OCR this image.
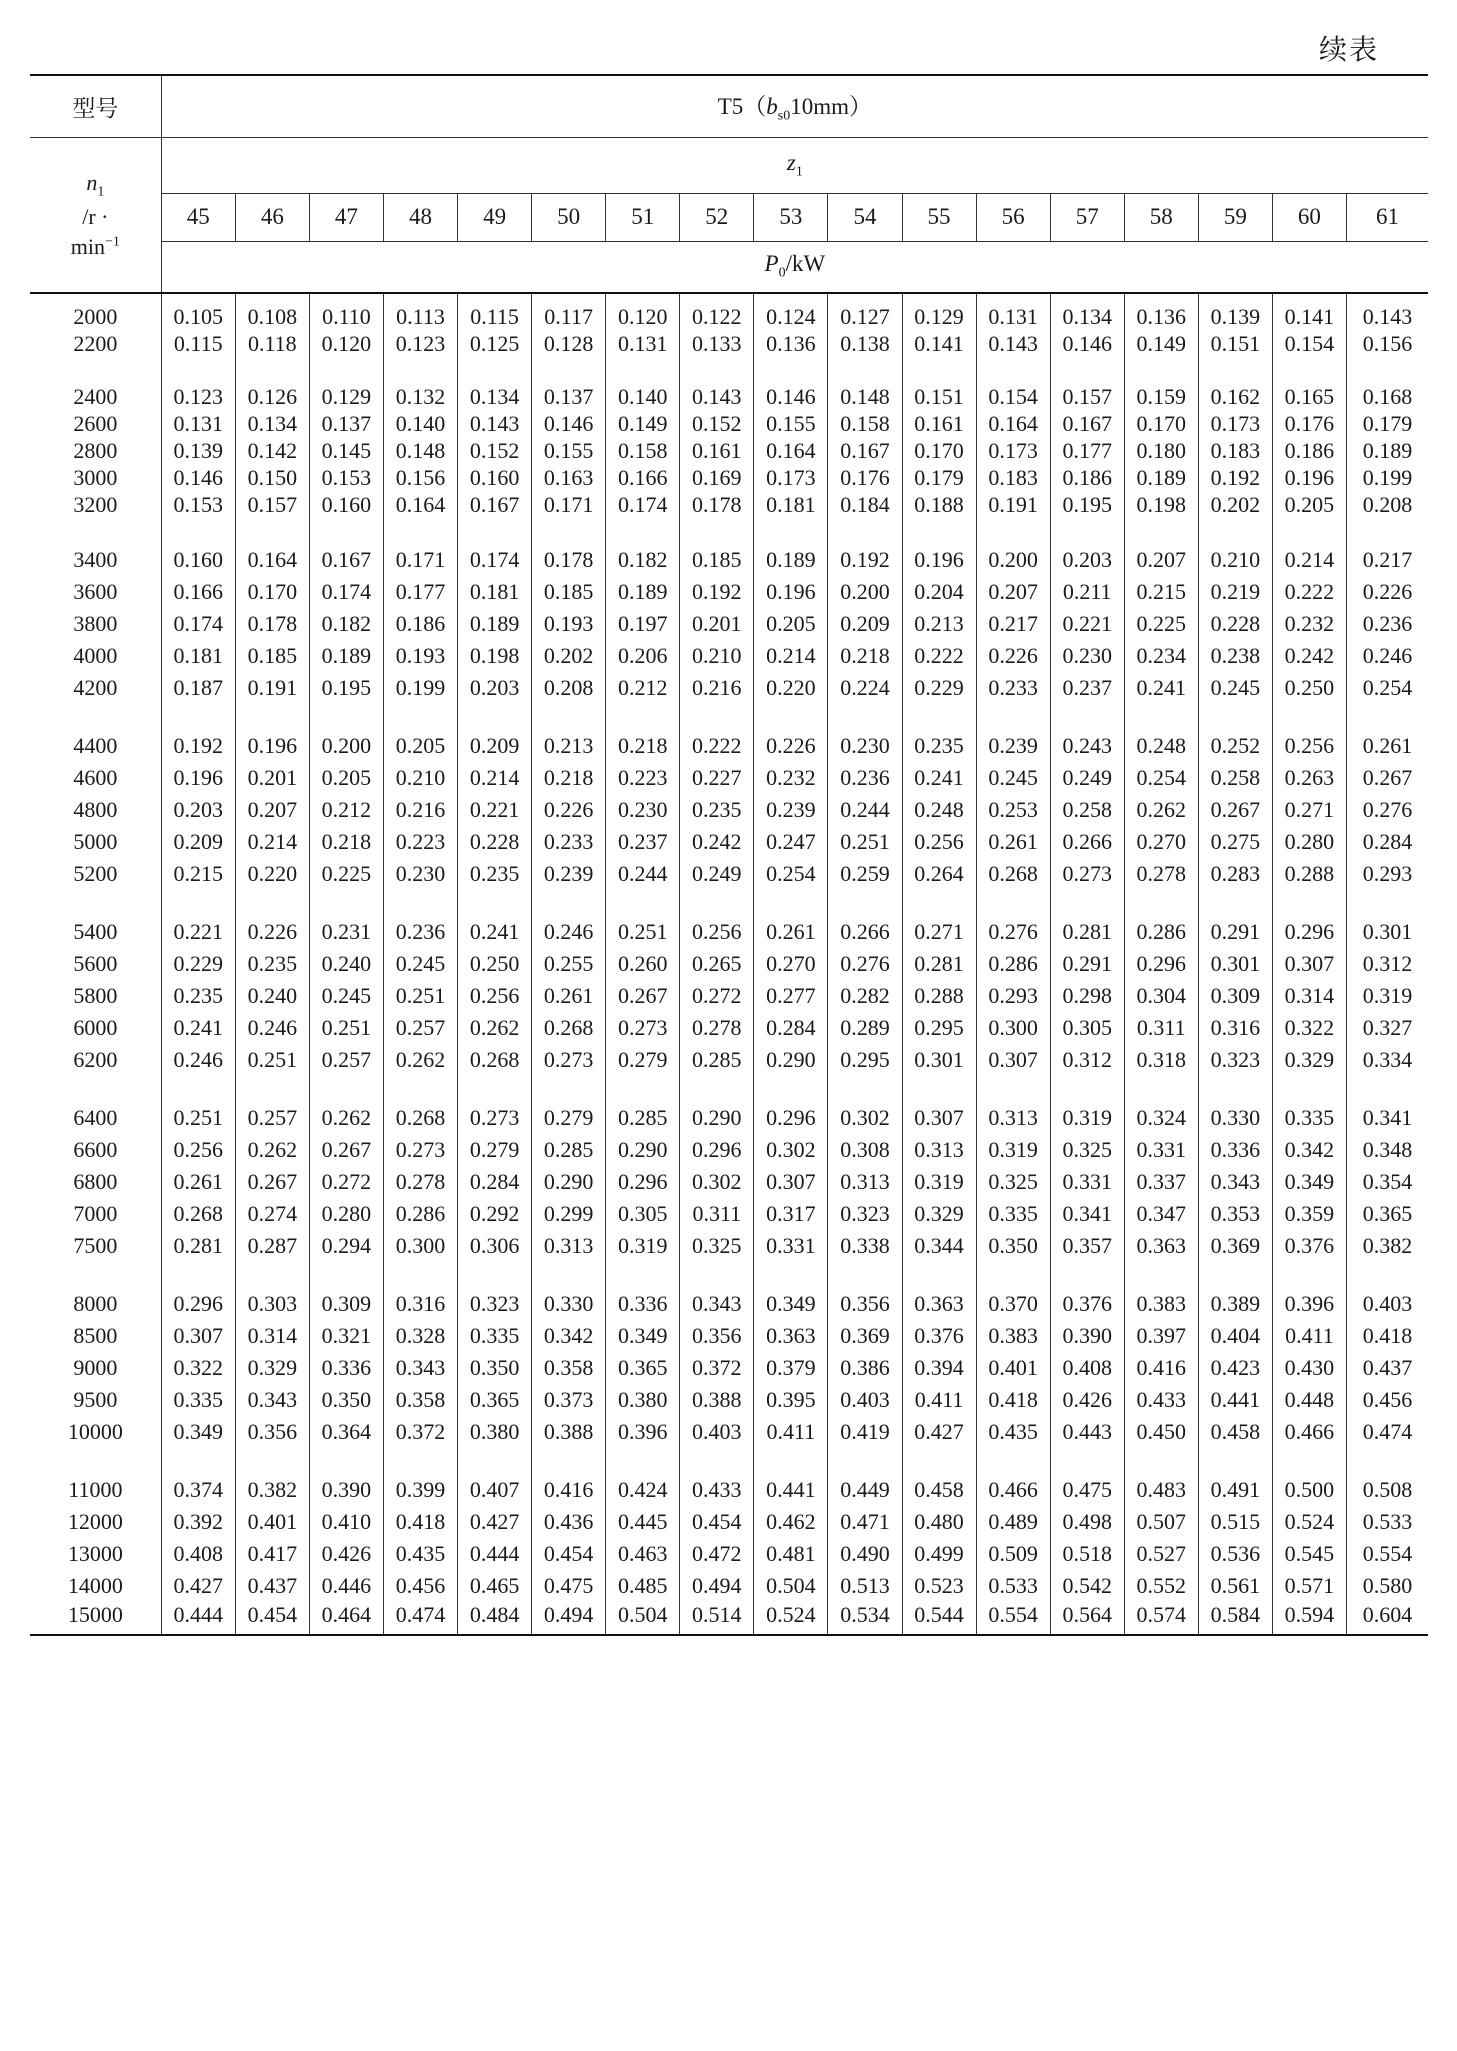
续表
型号	$T5(b_{s0}10mm)$																

$n_1$
/r ·
$\min^{-1}$	$z_1$
	45	46	47	48	49	50	51	52	53	54	55	56	57	58	59	60	61
	$P_0/kW$																
2000	0.105	0.108	0.110	0.113	0.115	0.117	0.120	0.122	0.124	0.127	0.129	0.131	0.134	0.136	0.139	0.141	0.143
2200	0.115	0.118	0.120	0.123	0.125	0.128	0.131	0.133	0.136	0.138	0.141	0.143	0.146	0.149	0.151	0.154	0.156

2400	0.123	0.126	0.129	0.132	0.134	0.137	0.140	0.143	0.146	0.148	0.151	0.154	0.157	0.159	0.162	0.165	0.168
2600	0.131	0.134	0.137	0.140	0.143	0.146	0.149	0.152	0.155	0.158	0.161	0.164	0.167	0.170	0.173	0.176	0.179
2800	0.139	0.142	0.145	0.148	0.152	0.155	0.158	0.161	0.164	0.167	0.170	0.173	0.177	0.180	0.183	0.186	0.189
3000	0.146	0.150	0.153	0.156	0.160	0.163	0.166	0.169	0.173	0.176	0.179	0.183	0.186	0.189	0.192	0.196	0.199
3200	0.153	0.157	0.160	0.164	0.167	0.171	0.174	0.178	0.181	0.184	0.188	0.191	0.195	0.198	0.202	0.205	0.208

3400	0.160	0.164	0.167	0.171	0.174	0.178	0.182	0.185	0.189	0.192	0.196	0.200	0.203	0.207	0.210	0.214	0.217
3600	0.166	0.170	0.174	0.177	0.181	0.185	0.189	0.192	0.196	0.200	0.204	0.207	0.211	0.215	0.219	0.222	0.226
3800	0.174	0.178	0.182	0.186	0.189	0.193	0.197	0.201	0.205	0.209	0.213	0.217	0.221	0.225	0.228	0.232	0.236
4000	0.181	0.185	0.189	0.193	0.198	0.202	0.206	0.210	0.214	0.218	0.222	0.226	0.230	0.234	0.238	0.242	0.246
4200	0.187	0.191	0.195	0.199	0.203	0.208	0.212	0.216	0.220	0.224	0.229	0.233	0.237	0.241	0.245	0.250	0.254

4400	0.192	0.196	0.200	0.205	0.209	0.213	0.218	0.222	0.226	0.230	0.235	0.239	0.243	0.248	0.252	0.256	0.261
4600	0.196	0.201	0.205	0.210	0.214	0.218	0.223	0.227	0.232	0.236	0.241	0.245	0.249	0.254	0.258	0.263	0.267
4800	0.203	0.207	0.212	0.216	0.221	0.226	0.230	0.235	0.239	0.244	0.248	0.253	0.258	0.262	0.267	0.271	0.276
5000	0.209	0.214	0.218	0.223	0.228	0.233	0.237	0.242	0.247	0.251	0.256	0.261	0.266	0.270	0.275	0.280	0.284
5200	0.215	0.220	0.225	0.230	0.235	0.239	0.244	0.249	0.254	0.259	0.264	0.268	0.273	0.278	0.283	0.288	0.293

5400	0.221	0.226	0.231	0.236	0.241	0.246	0.251	0.256	0.261	0.266	0.271	0.276	0.281	0.286	0.291	0.296	0.301
5600	0.229	0.235	0.240	0.245	0.250	0.255	0.260	0.265	0.270	0.276	0.281	0.286	0.291	0.296	0.301	0.307	0.312
5800	0.235	0.240	0.245	0.251	0.256	0.261	0.267	0.272	0.277	0.282	0.288	0.293	0.298	0.304	0.309	0.314	0.319
6000	0.241	0.246	0.251	0.257	0.262	0.268	0.273	0.278	0.284	0.289	0.295	0.300	0.305	0.311	0.316	0.322	0.327
6200	0.246	0.251	0.257	0.262	0.268	0.273	0.279	0.285	0.290	0.295	0.301	0.307	0.312	0.318	0.323	0.329	0.334

6400	0.251	0.257	0.262	0.268	0.273	0.279	0.285	0.290	0.296	0.302	0.307	0.313	0.319	0.324	0.330	0.335	0.341
6600	0.256	0.262	0.267	0.273	0.279	0.285	0.290	0.296	0.302	0.308	0.313	0.319	0.325	0.331	0.336	0.342	0.348
6800	0.261	0.267	0.272	0.278	0.284	0.290	0.296	0.302	0.307	0.313	0.319	0.325	0.331	0.337	0.343	0.349	0.354
7000	0.268	0.274	0.280	0.286	0.292	0.299	0.305	0.311	0.317	0.323	0.329	0.335	0.341	0.347	0.353	0.359	0.365
7500	0.281	0.287	0.294	0.300	0.306	0.313	0.319	0.325	0.331	0.338	0.344	0.350	0.357	0.363	0.369	0.376	0.382

8000	0.296	0.303	0.309	0.316	0.323	0.330	0.336	0.343	0.349	0.356	0.363	0.370	0.376	0.383	0.389	0.396	0.403
8500	0.307	0.314	0.321	0.328	0.335	0.342	0.349	0.356	0.363	0.369	0.376	0.383	0.390	0.397	0.404	0.411	0.418
9000	0.322	0.329	0.336	0.343	0.350	0.358	0.365	0.372	0.379	0.386	0.394	0.401	0.408	0.416	0.423	0.430	0.437
9500	0.335	0.343	0.350	0.358	0.365	0.373	0.380	0.388	0.395	0.403	0.411	0.418	0.426	0.433	0.441	0.448	0.456
10000	0.349	0.356	0.364	0.372	0.380	0.388	0.396	0.403	0.411	0.419	0.427	0.435	0.443	0.450	0.458	0.466	0.474

11000	0.374	0.382	0.390	0.399	0.407	0.416	0.424	0.433	0.441	0.449	0.458	0.466	0.475	0.483	0.491	0.500	0.508
12000	0.392	0.401	0.410	0.418	0.427	0.436	0.445	0.454	0.462	0.471	0.480	0.489	0.498	0.507	0.515	0.524	0.533
13000	0.408	0.417	0.426	0.435	0.444	0.454	0.463	0.472	0.481	0.490	0.499	0.509	0.518	0.527	0.536	0.545	0.554
14000	0.427	0.437	0.446	0.456	0.465	0.475	0.485	0.494	0.504	0.513	0.523	0.533	0.542	0.552	0.561	0.571	0.580
15000	0.444	0.454	0.464	0.474	0.484	0.494	0.504	0.514	0.524	0.534	0.544	0.554	0.564	0.574	0.584	0.594	0.604
